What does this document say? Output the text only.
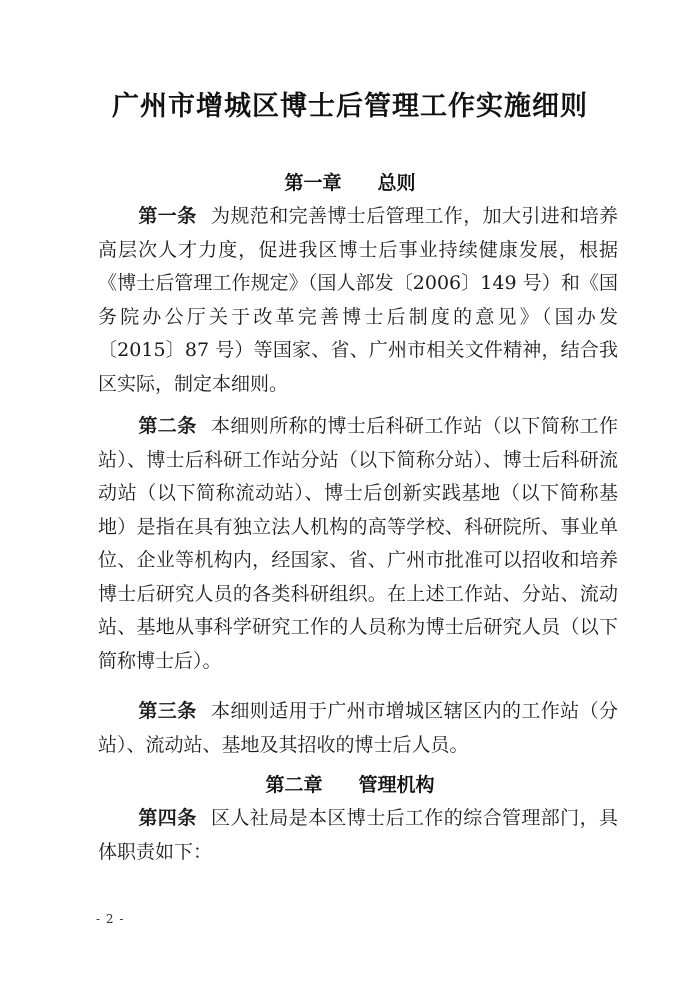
广州市增城区博士后管理工作实施细则
第一章 总则
第一条 为规范和完善博士后管理工作，加大引进和培养高层次人才力度，促进我区博士后事业持续健康发展，根据《博士后管理工作规定》（国人部发〔2006〕149 号）和《国务院办公厅关于改革完善博士后制度的意见》（国办发〔2015〕87 号）等国家、省、广州市相关文件精神，结合我区实际，制定本细则。
第二条 本细则所称的博士后科研工作站（以下简称工作站）、博士后科研工作站分站（以下简称分站）、博士后科研流动站（以下简称流动站）、博士后创新实践基地（以下简称基地）是指在具有独立法人机构的高等学校、科研院所、事业单位、企业等机构内，经国家、省、广州市批准可以招收和培养博士后研究人员的各类科研组织。在上述工作站、分站、流动站、基地从事科学研究工作的人员称为博士后研究人员（以下简称博士后）。
第三条 本细则适用于广州市增城区辖区内的工作站（分站）、流动站、基地及其招收的博士后人员。
第二章 管理机构
第四条 区人社局是本区博士后工作的综合管理部门，具体职责如下：
- 2 -
